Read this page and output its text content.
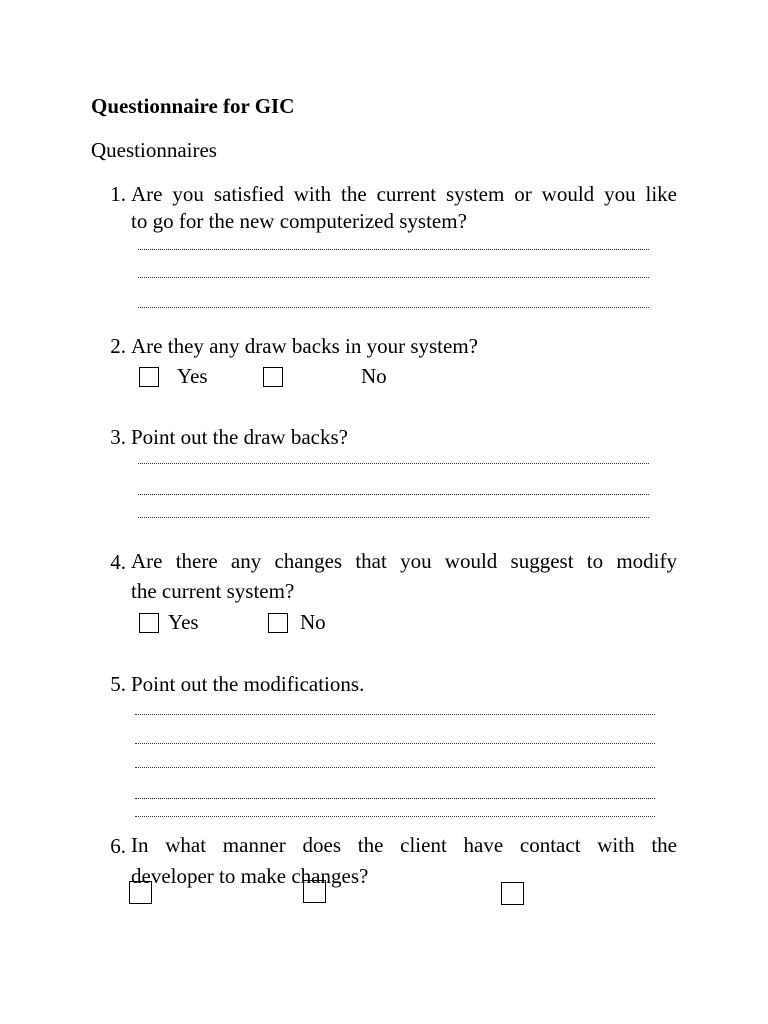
Questionnaire for GIC
Questionnaires
1. Are you satisfied with the current system or would you like
to go for the new computerized system?
2. Are they any draw backs in your system?
Yes	No
3. Point out the draw backs?
4. Are there any changes that you would suggest to modify
the current system?
Yes	No
5. Point out the modifications.
6. In what manner does the client have contact with the
developer to make changes?
